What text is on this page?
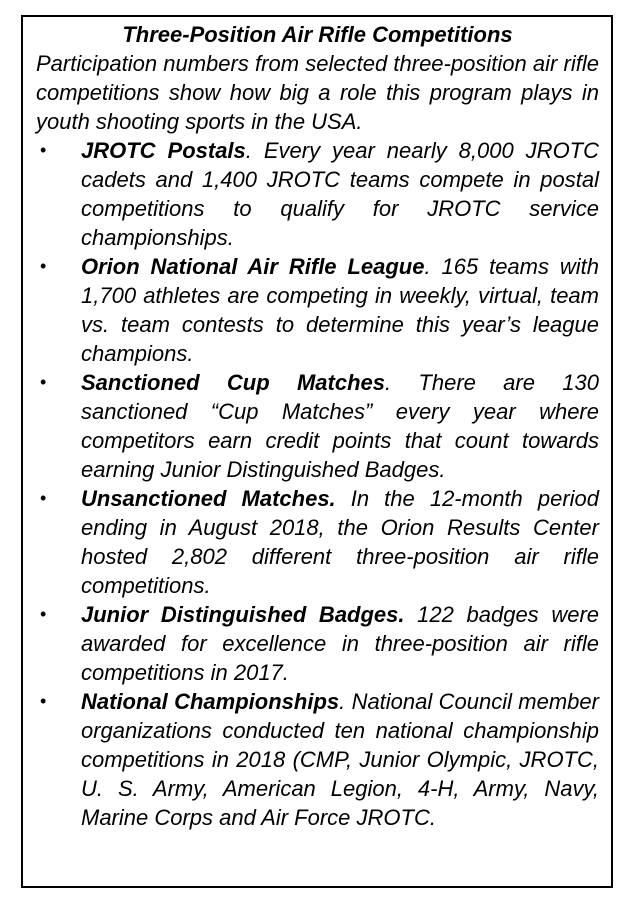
Three-Position Air Rifle Competitions

Participation numbers from selected three-position air rifle competitions show how big a role this program plays in youth shooting sports in the USA.

• JROTC Postals. Every year nearly 8,000 JROTC cadets and 1,400 JROTC teams compete in postal competitions to qualify for JROTC service championships.
• Orion National Air Rifle League. 165 teams with 1,700 athletes are competing in weekly, virtual, team vs. team contests to determine this year’s league champions.
• Sanctioned Cup Matches. There are 130 sanctioned “Cup Matches” every year where competitors earn credit points that count towards earning Junior Distinguished Badges.
• Unsanctioned Matches. In the 12-month period ending in August 2018, the Orion Results Center hosted 2,802 different three-position air rifle competitions.
• Junior Distinguished Badges. 122 badges were awarded for excellence in three-position air rifle competitions in 2017.
• National Championships. National Council member organizations conducted ten national championship competitions in 2018 (CMP, Junior Olympic, JROTC, U. S. Army, American Legion, 4-H, Army, Navy, Marine Corps and Air Force JROTC.
